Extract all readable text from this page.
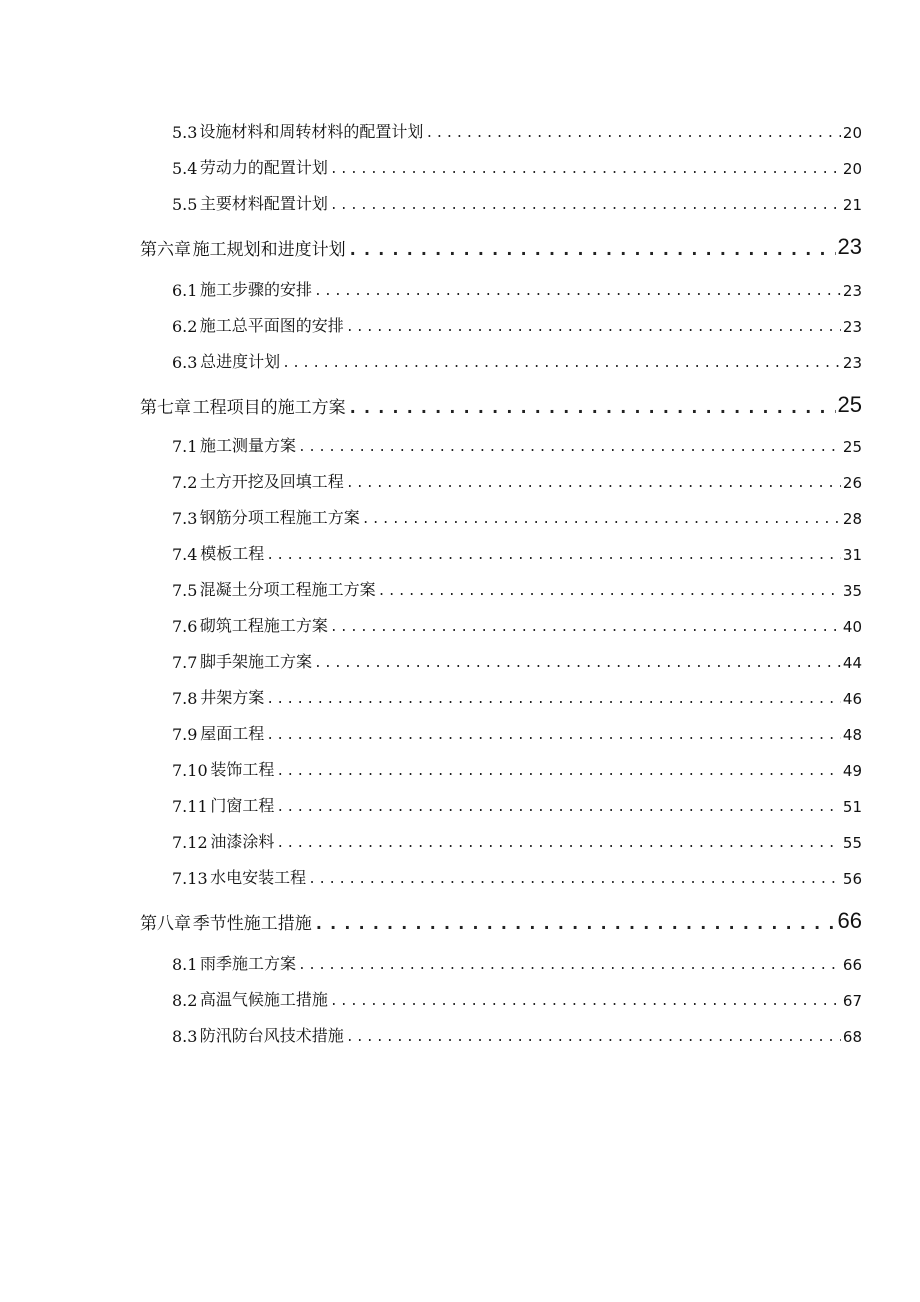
5.3 设施材料和周转材料的配置计划 .....	20
5.4 劳动力的配置计划 .....	20
5.5 主要材料配置计划 .....	21
第六章 施工规划和进度计划 .....	23
6.1 施工步骤的安排 .....	23
6.2 施工总平面图的安排 .....	23
6.3 总进度计划 .....	23
第七章 工程项目的施工方案 .....	25
7.1 施工测量方案 .....	25
7.2 土方开挖及回填工程 .....	26
7.3 钢筋分项工程施工方案 .....	28
7.4 模板工程 .....	31
7.5 混凝土分项工程施工方案 .....	35
7.6 砌筑工程施工方案 .....	40
7.7 脚手架施工方案 .....	44
7.8 井架方案 .....	46
7.9 屋面工程 .....	48
7.10 装饰工程 .....	49
7.11 门窗工程 .....	51
7.12 油漆涂料 .....	55
7.13 水电安装工程 .....	56
第八章 季节性施工措施 .....	66
8.1 雨季施工方案 .....	66
8.2 高温气候施工措施 .....	67
8.3 防汛防台风技术措施 .....	68
